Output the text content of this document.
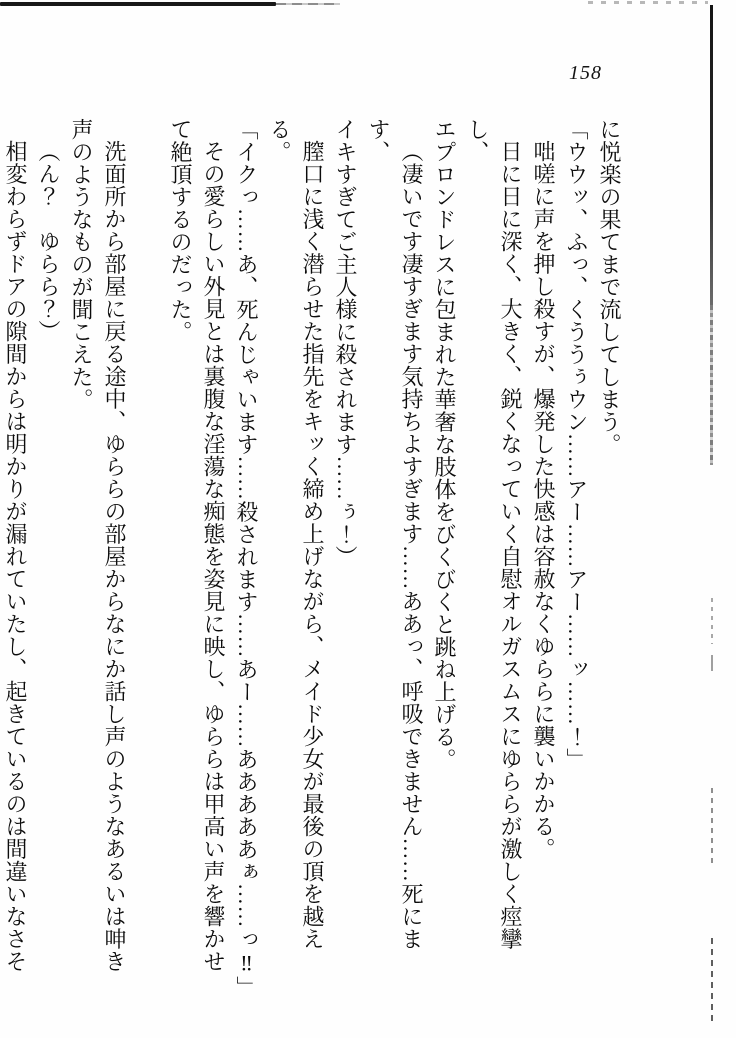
158

に悦楽の果てまで流してしまう。

「ウウッ、ふっ、くううぅウン……アー……アー……ッ……！」

咄嗟に声を押し殺すが、爆発した快感は容赦なくゆららに襲いかかる。

日に日に深く、大きく、鋭くなっていく自慰オルガスムスにゆららが激しく痙攣し、

エプロンドレスに包まれた華奢な肢体をびくびくと跳ね上げる。

（凄いです凄すぎます気持ちよすぎます……ああっ、呼吸できません……死にます、

イキすぎてご主人様に殺されます……ぅ！）

膣口に浅く潜らせた指先をキッく締め上げながら、メイド少女が最後の頂を越える。

「イクっ……あ、死んじゃいます……殺されます……あー……あああああぁ……っ‼」

その愛らしい外見とは裏腹な淫蕩な痴態を姿見に映し、ゆららは甲高い声を響かせ

て絶頂するのだった。

洗面所から部屋に戻る途中、ゆららの部屋からなにか話し声のようなあるいは呻き

声のようなものが聞こえた。

（ん？　ゆらら？）

相変わらずドアの隙間からは明かりが漏れていたし、起きているのは間違いなさそ
